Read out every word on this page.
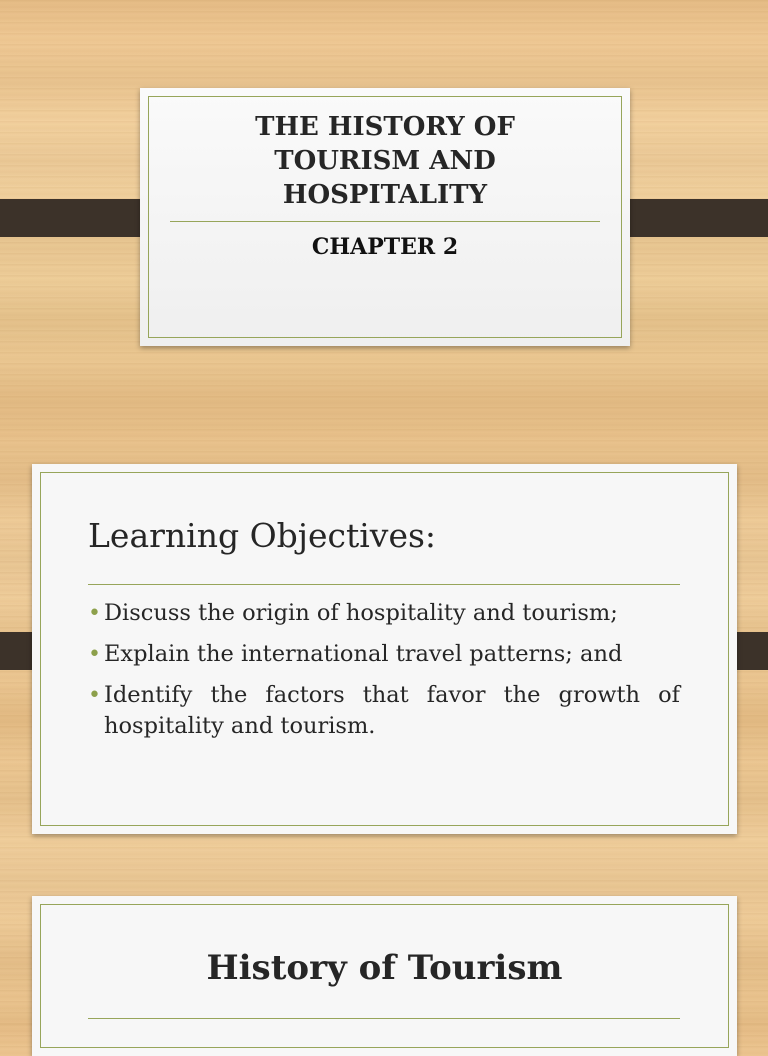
THE HISTORY OF
TOURISM AND
HOSPITALITY
CHAPTER 2
Learning Objectives:
• Discuss the origin of hospitality and tourism;
• Explain the international travel patterns; and
• Identify the factors that favor the growth of hospitality and tourism.
History of Tourism
